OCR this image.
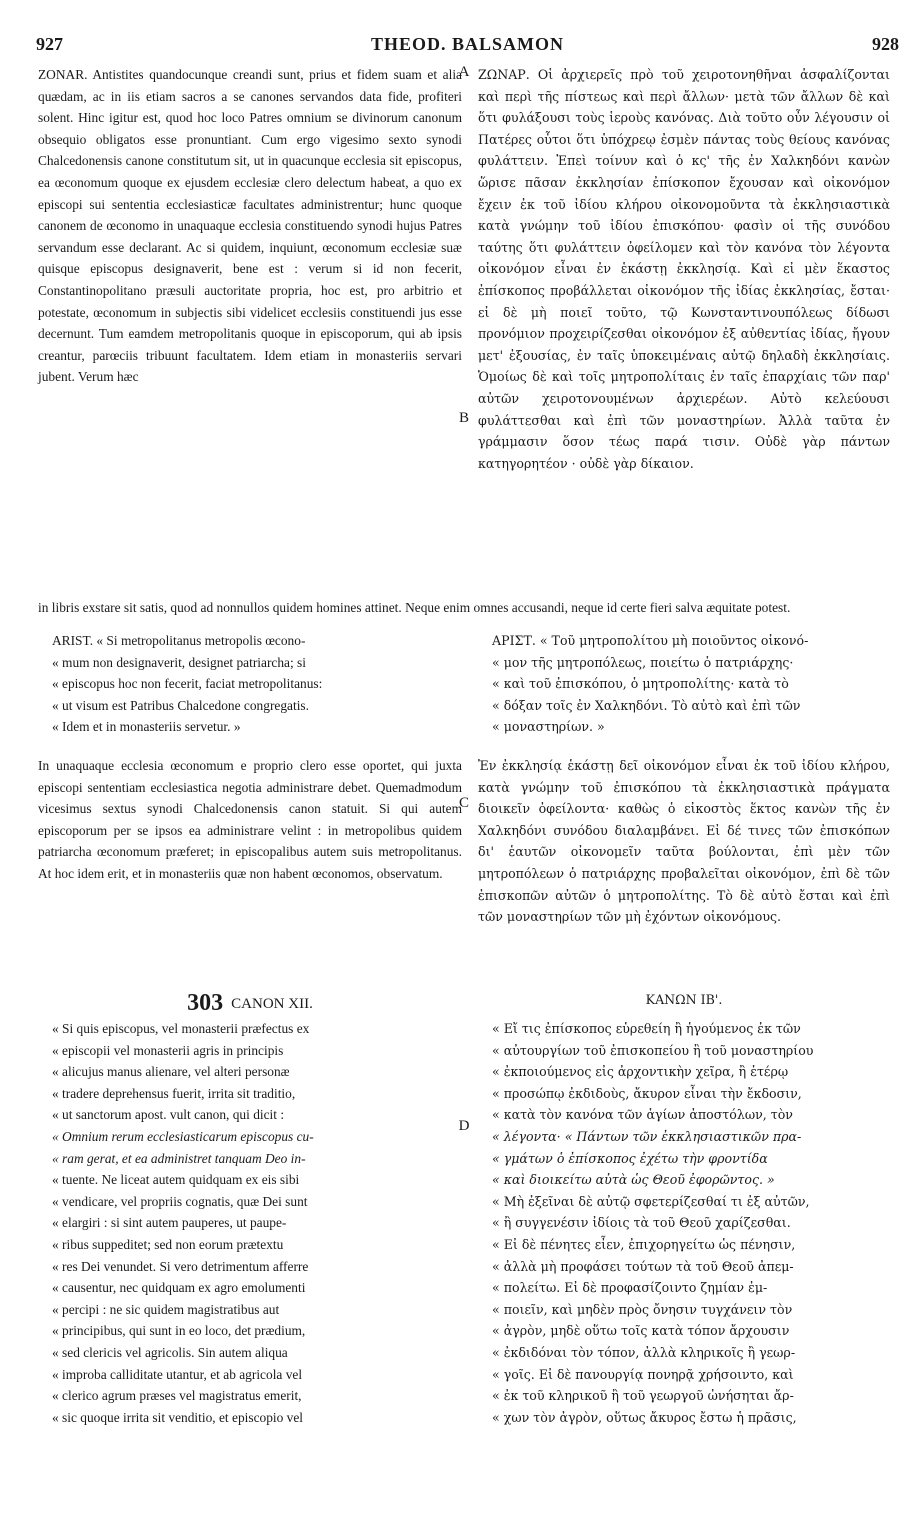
927	THEOD. BALSAMON	928
A
B
C
D

ZONAR. Antistites quandocunque creandi sunt, prius et fidem suam et alia quædam, ac in iis etiam sacros a se canones servandos data fide, profiteri solent. Hinc igitur est, quod hoc loco Patres omnium se divinorum canonum obsequio obligatos esse pronuntiant. Cum ergo vigesimo sexto synodi Chalcedonensis canone constitutum sit, ut in quacunque ecclesia sit episcopus, ea œconomum quoque ex ejusdem ecclesiæ clero delectum habeat, a quo ex episcopi sui sententia ecclesiasticæ facultates administrentur; hunc quoque canonem de œconomo in unaquaque ecclesia constituendo synodi hujus Patres servandum esse declarant. Ac si quidem, inquiunt, œconomum ecclesiæ suæ quisque episcopus designaverit, bene est : verum si id non fecerit, Constantinopolitano præsuli auctoritate propria, hoc est, pro arbitrio et potestate, œconomum in subjectis sibi videlicet ecclesiis constituendi jus esse decernunt. Tum eamdem metropolitanis quoque in episcoporum, qui ab ipsis creantur, parœciis tribuunt facultatem. Idem etiam in monasteriis servari jubent. Verum hæc

ΖΩΝΑΡ. Οἱ ἀρχιερεῖς πρὸ τοῦ χειροτονηθῆναι ἀσφαλίζονται καὶ περὶ τῆς πίστεως καὶ περὶ ἄλλων· μετὰ τῶν ἄλλων δὲ καὶ ὅτι φυλάξουσι τοὺς ἱεροὺς κανόνας. Διὰ τοῦτο οὖν λέγουσιν οἱ Πατέρες οὗτοι ὅτι ὑπόχρεῳ ἐσμὲν πάντας τοὺς θείους κανόνας φυλάττειν. Ἐπεὶ τοίνυν καὶ ὁ κς' τῆς ἐν Χαλκηδόνι κανὼν ὥρισε πᾶσαν ἐκκλησίαν ἐπίσκοπον ἔχουσαν καὶ οἰκονόμον ἔχειν ἐκ τοῦ ἰδίου κλήρου οἰκονομοῦντα τὰ ἐκκλησιαστικὰ κατὰ γνώμην τοῦ ἰδίου ἐπισκόπου· φασὶν οἱ τῆς συνόδου ταύτης ὅτι φυλάττειν ὀφείλομεν καὶ τὸν κανόνα τὸν λέγοντα οἰκονόμον εἶναι ἐν ἑκάστῃ ἐκκλησίᾳ. Καὶ εἰ μὲν ἕκαστος ἐπίσκοπος προβάλλεται οἰκονόμον τῆς ἰδίας ἐκκλησίας, ἔσται· εἰ δὲ μὴ ποιεῖ τοῦτο, τῷ Κωνσταντινουπόλεως δίδωσι προνόμιον προχειρίζεσθαι οἰκονόμον ἐξ αὐθεντίας ἰδίας, ἤγουν μετ' ἐξουσίας, ἐν ταῖς ὑποκειμέναις αὐτῷ δηλαδὴ ἐκκλησίαις. Ὁμοίως δὲ καὶ τοῖς μητροπολίταις ἐν ταῖς ἐπαρχίαις τῶν παρ' αὐτῶν χειροτονουμένων ἀρχιερέων. Αὐτὸ κελεύουσι φυλάττεσθαι καὶ ἐπὶ τῶν μοναστηρίων. Ἀλλὰ ταῦτα ἐν γράμμασιν ὅσον τέως παρά τισιν. Οὐδὲ γὰρ πάντων κατηγορητέον · οὐδὲ γὰρ δίκαιον.

in libris exstare sit satis, quod ad nonnullos quidem homines attinet. Neque enim omnes accusandi, neque id certe fieri salva æquitate potest.

ARIST. « Si metropolitanus metropolis œcono-

« mum non designaverit, designet patriarcha; si

« episcopus hoc non fecerit, faciat metropolitanus:

« ut visum est Patribus Chalcedone congregatis.

« Idem et in monasteriis servetur. »

ΑΡΙΣΤ. « Τοῦ μητροπολίτου μὴ ποιοῦντος οἰκονό-

« μον τῆς μητροπόλεως, ποιείτω ὁ πατριάρχης·

« καὶ τοῦ ἐπισκόπου, ὁ μητροπολίτης· κατὰ τὸ

« δόξαν τοῖς ἐν Χαλκηδόνι. Τὸ αὐτὸ καὶ ἐπὶ τῶν

« μοναστηρίων. »

In unaquaque ecclesia œconomum e proprio clero esse oportet, qui juxta episcopi sententiam ecclesiastica negotia administrare debet. Quemadmodum vicesimus sextus synodi Chalcedonensis canon statuit. Si qui autem episcoporum per se ipsos ea administrare velint : in metropolibus quidem patriarcha œconomum præferet; in episcopalibus autem suis metropolitanus. At hoc idem erit, et in monasteriis quæ non habent œconomos, observatum.

Ἐν ἐκκλησίᾳ ἑκάστῃ δεῖ οἰκονόμον εἶναι ἐκ τοῦ ἰδίου κλήρου, κατὰ γνώμην τοῦ ἐπισκόπου τὰ ἐκκλησιαστικὰ πράγματα διοικεῖν ὀφείλοντα· καθὼς ὁ εἰκοστὸς ἕκτος κανὼν τῆς ἐν Χαλκηδόνι συνόδου διαλαμβάνει. Εἰ δέ τινες τῶν ἐπισκόπων δι' ἑαυτῶν οἰκονομεῖν ταῦτα βούλονται, ἐπὶ μὲν τῶν μητροπόλεων ὁ πατριάρχης προβαλεῖται οἰκονόμον, ἐπὶ δὲ τῶν ἐπισκοπῶν αὐτῶν ὁ μητροπολίτης. Τὸ δὲ αὐτὸ ἔσται καὶ ἐπὶ τῶν μοναστηρίων τῶν μὴ ἐχόντων οἰκονόμους.

303 CANON XII.	ΚΑΝΩΝ ΙΒ'.

« Si quis episcopus, vel monasterii præfectus ex

« episcopii vel monasterii agris in principis

« alicujus manus alienare, vel alteri personæ

« tradere deprehensus fuerit, irrita sit traditio,

« ut sanctorum apost. vult canon, qui dicit :

« Omnium rerum ecclesiasticarum episcopus cu-

« ram gerat, et ea administret tanquam Deo in-

« tuente. Ne liceat autem quidquam ex eis sibi

« vendicare, vel propriis cognatis, quæ Dei sunt

« elargiri : si sint autem pauperes, ut paupe-

« ribus suppeditet; sed non eorum prætextu

« res Dei venundet. Si vero detrimentum afferre

« causentur, nec quidquam ex agro emolumenti

« percipi : ne sic quidem magistratibus aut

« principibus, qui sunt in eo loco, det prædium,

« sed clericis vel agricolis. Sin autem aliqua

« improba calliditate utantur, et ab agricola vel

« clerico agrum præses vel magistratus emerit,

« sic quoque irrita sit venditio, et episcopio vel

« Εἴ τις ἐπίσκοπος εὑρεθείη ἢ ἡγούμενος ἐκ τῶν

« αὐτουργίων τοῦ ἐπισκοπείου ἢ τοῦ μοναστηρίου

« ἐκποιούμενος εἰς ἀρχοντικὴν χεῖρα, ἢ ἑτέρῳ

« προσώπῳ ἐκδιδοὺς, ἄκυρον εἶναι τὴν ἔκδοσιν,

« κατὰ τὸν κανόνα τῶν ἁγίων ἀποστόλων, τὸν

« λέγοντα· « Πάντων τῶν ἐκκλησιαστικῶν πρα-

« γμάτων ὁ ἐπίσκοπος ἐχέτω τὴν φροντίδα

« καὶ διοικείτω αὐτὰ ὡς Θεοῦ ἐφορῶντος. »

« Μὴ ἐξεῖναι δὲ αὐτῷ σφετερίζεσθαί τι ἐξ αὐτῶν,

« ἢ συγγενέσιν ἰδίοις τὰ τοῦ Θεοῦ χαρίζεσθαι.

« Εἰ δὲ πένητες εἶεν, ἐπιχορηγείτω ὡς πένησιν,

« ἀλλὰ μὴ προφάσει τούτων τὰ τοῦ Θεοῦ ἀπεμ-

« πολείτω. Εἰ δὲ προφασίζοιντο ζημίαν ἐμ-

« ποιεῖν, καὶ μηδὲν πρὸς ὄνησιν τυγχάνειν τὸν

« ἀγρὸν, μηδὲ οὕτω τοῖς κατὰ τόπον ἄρχουσιν

« ἐκδιδόναι τὸν τόπον, ἀλλὰ κληρικοῖς ἢ γεωρ-

« γοῖς. Εἰ δὲ πανουργίᾳ πονηρᾷ χρήσοιντο, καὶ

« ἐκ τοῦ κληρικοῦ ἢ τοῦ γεωργοῦ ὠνήσηται ἄρ-

« χων τὸν ἀγρὸν, οὕτως ἄκυρος ἔστω ἡ πρᾶσις,
